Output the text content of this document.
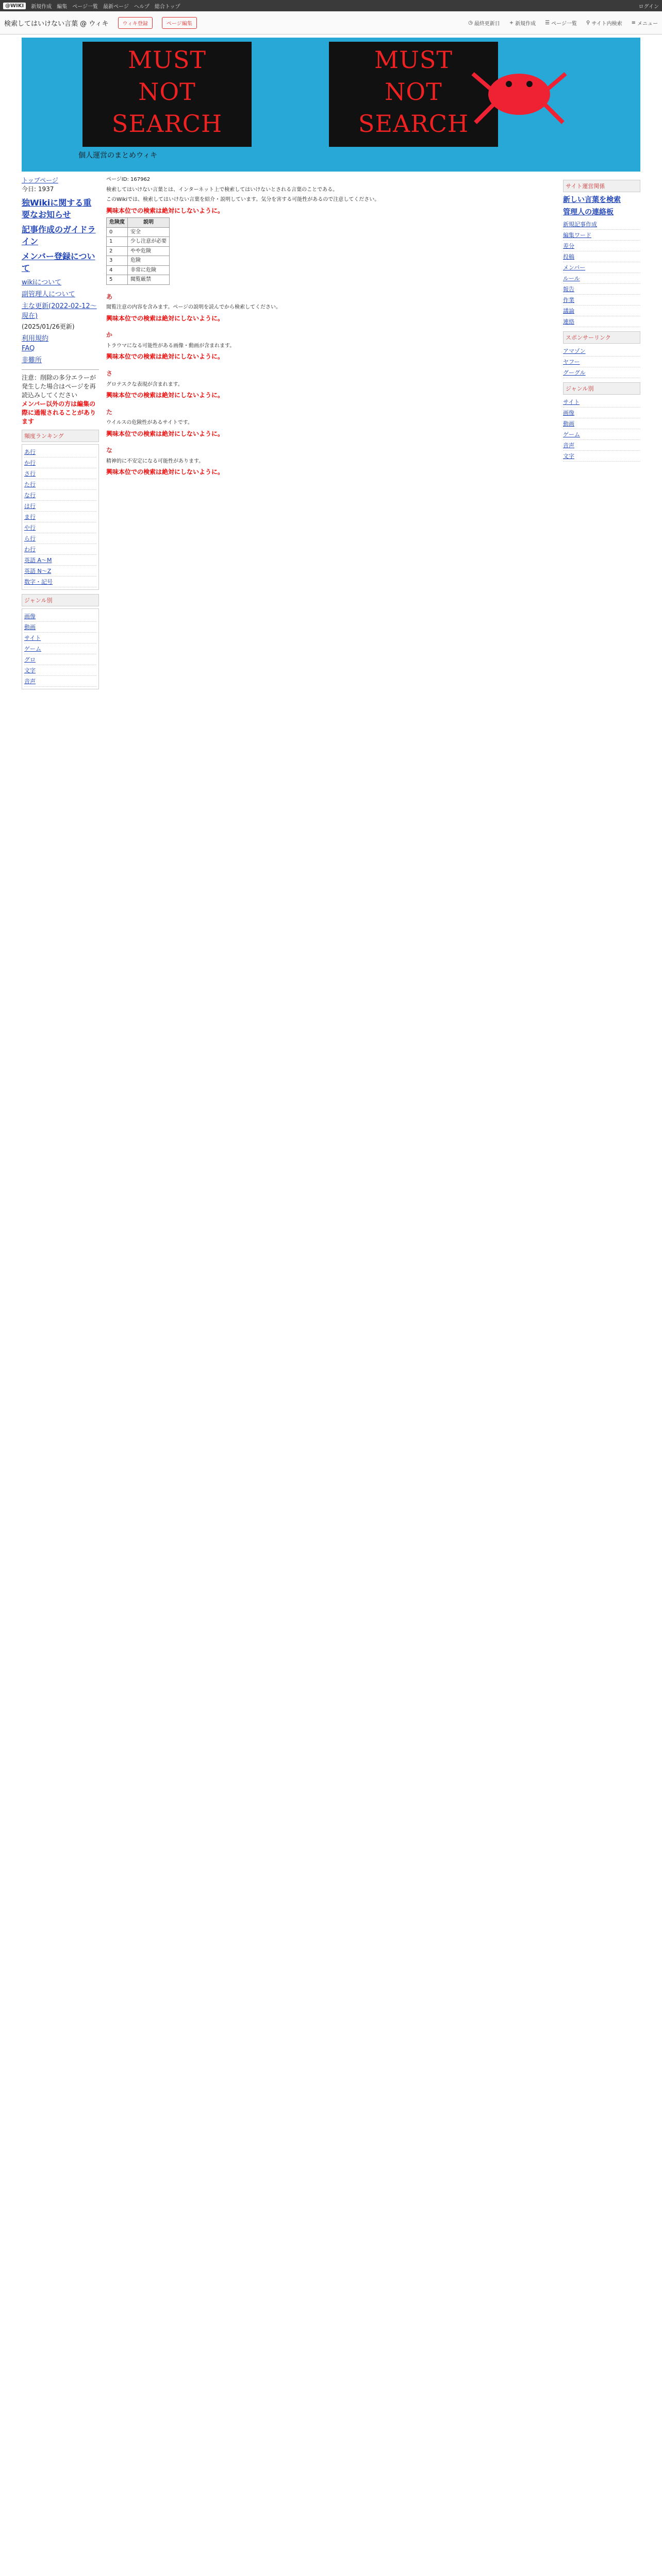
@WIKI	新規作成 編集 ページ一覧 最新ページ ヘルプ 総合トップ	ログイン
検索してはいけない言葉 @ ウィキ	ウィキ登録	ページ編集	◷ 最終更新日 + 新規作成 ☰ ページ一覧 ⚲ サイト内検索 ≡ メニュー
MUST
NOT
SEARCH
MUST
NOT
SEARCH
個人運営のまとめウィキ
トップページ
今日: 1937
独Wikiに関する重要なお知らせ
記事作成のガイドライン
メンバー登録について
wikiについて
副管理人について
主な更新(2022-02-12～現在)
(2025/01/26更新)
利用規約
FAQ
非難所
注意：削除の多分エラーが発生した場合はページを再読込みしてください
メンバー以外の方は編集の際に通報されることがあります
頻度ランキング
あ行
か行
さ行
た行
な行
は行
ま行
や行
ら行
わ行
英語 A～M
英語 N～Z
数字・記号
ジャンル別
画像
動画
サイト
ゲーム
グロ
文字
音声
ページID: 167962

検索してはいけない言葉とは、インターネット上で検索してはいけないとされる言葉のことである。

このWikiでは、検索してはいけない言葉を紹介・説明しています。気分を害する可能性があるので注意してください。

興味本位での検索は絶対にしないように。

危険度	説明
0	安全
1	少し注意が必要
2	やや危険
3	危険
4	非常に危険
5	閲覧厳禁
あ

閲覧注意の内容を含みます。ページの説明を読んでから検索してください。

興味本位での検索は絶対にしないように。

か

トラウマになる可能性がある画像・動画が含まれます。

興味本位での検索は絶対にしないように。

さ

グロテスクな表現が含まれます。

興味本位での検索は絶対にしないように。

た

ウイルスの危険性があるサイトです。

興味本位での検索は絶対にしないように。

な

精神的に不安定になる可能性があります。

興味本位での検索は絶対にしないように。

サイト運営関係
新しい言葉を検索
管理人の連絡板
新規記事作成
編集ワード
差分
投稿
メンバー
ルール
報告
作業
議論
連絡
スポンサーリンク
アマゾン
ヤフー
グーグル
ジャンル別
サイト
画像
動画
ゲーム
音声
文字
